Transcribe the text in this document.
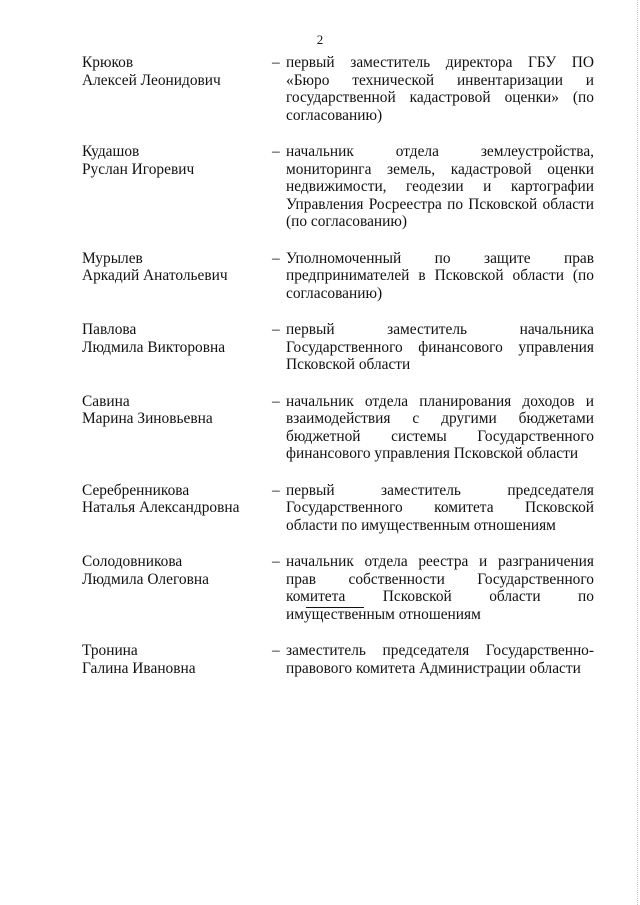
2
Крюков
Алексей Леонидович
– первый заместитель директора ГБУ ПО «Бюро технической инвентаризации и государственной кадастровой оценки» (по согласованию)
Кудашов
Руслан Игоревич
– начальник отдела землеустройства, мониторинга земель, кадастровой оценки недвижимости, геодезии и картографии Управления Росреестра по Псковской области (по согласованию)
Мурылев
Аркадий Анатольевич
– Уполномоченный по защите прав предпринимателей в Псковской области (по согласованию)
Павлова
Людмила Викторовна
– первый заместитель начальника Государственного финансового управления Псковской области
Савина
Марина Зиновьевна
– начальник отдела планирования доходов и взаимодействия с другими бюджетами бюджетной системы Государственного финансового управления Псковской области
Серебренникова
Наталья Александровна
– первый заместитель председателя Государственного комитета Псковской области по имущественным отношениям
Солодовникова
Людмила Олеговна
– начальник отдела реестра и разграничения прав собственности Государственного комитета Псковской области по имущественным отношениям
Тронина
Галина Ивановна
– заместитель председателя Государственно-правового комитета Администрации области
